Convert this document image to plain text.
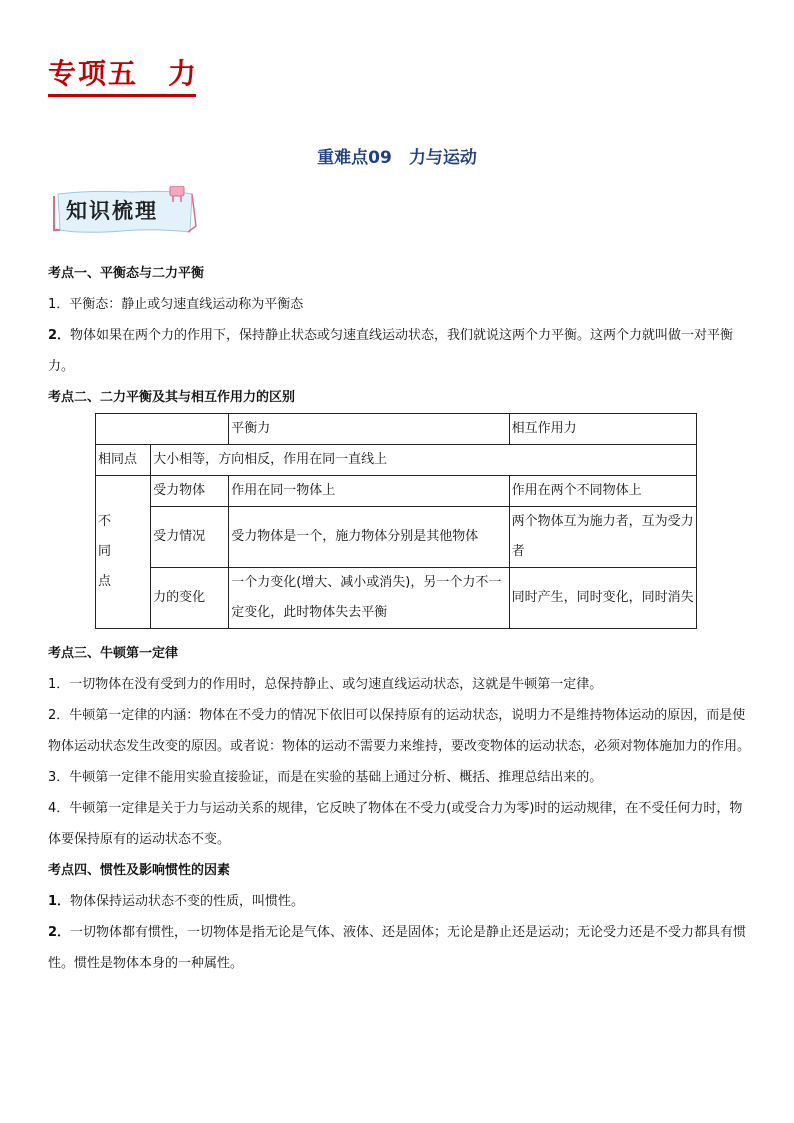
专项五　力
重难点09　力与运动
知识梳理
考点一、平衡态与二力平衡

1．平衡态：静止或匀速直线运动称为平衡态

2．物体如果在两个力的作用下，保持静止状态或匀速直线运动状态，我们就说这两个力平衡。这两个力就叫做一对平衡力。

考点二、二力平衡及其与相互作用力的区别
		平衡力	相互作用力
相同点	大小相等，方向相反，作用在同一直线上		

不
同
点	受力物体	作用在同一物体上	作用在两个不同物体上
	受力情况	受力物体是一个，施力物体分别是其他物体	两个物体互为施力者，互为受力者
	力的变化	一个力变化(增大、减小或消失)，另一个力不一定变化，此时物体失去平衡	同时产生，同时变化，同时消失
考点三、牛顿第一定律

1．一切物体在没有受到力的作用时，总保持静止、或匀速直线运动状态，这就是牛顿第一定律。

2．牛顿第一定律的内涵：物体在不受力的情况下依旧可以保持原有的运动状态，说明力不是维持物体运动的原因，而是使物体运动状态发生改变的原因。或者说：物体的运动不需要力来维持，要改变物体的运动状态，必须对物体施加力的作用。

3．牛顿第一定律不能用实验直接验证，而是在实验的基础上通过分析、概括、推理总结出来的。

4．牛顿第一定律是关于力与运动关系的规律，它反映了物体在不受力(或受合力为零)时的运动规律，在不受任何力时，物体要保持原有的运动状态不变。

考点四、惯性及影响惯性的因素

1．物体保持运动状态不变的性质，叫惯性。

2．一切物体都有惯性，一切物体是指无论是气体、液体、还是固体；无论是静止还是运动；无论受力还是不受力都具有惯性。惯性是物体本身的一种属性。
